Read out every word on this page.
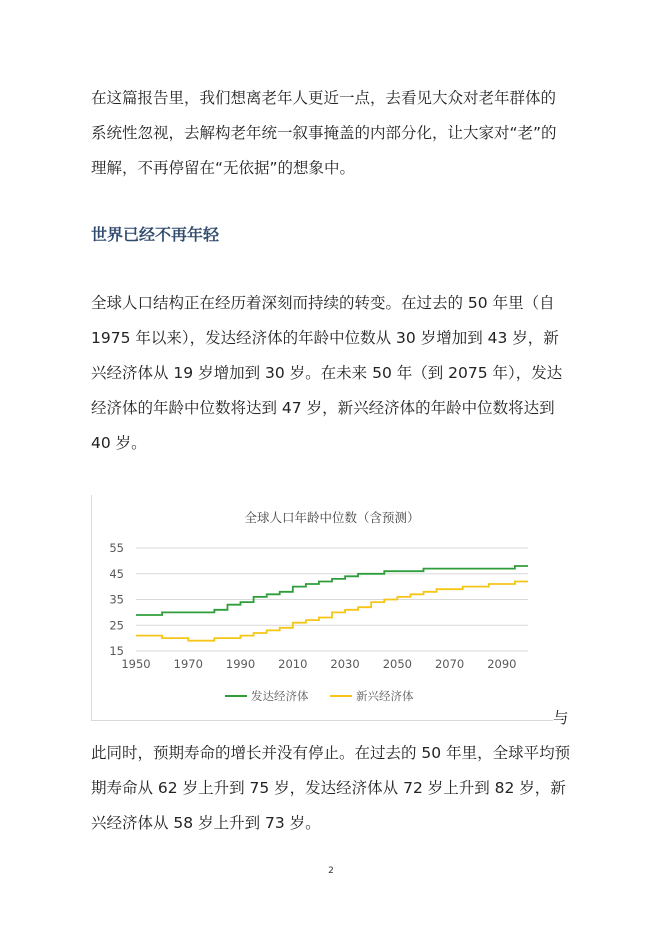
在这篇报告里，我们想离老年人更近一点，去看见大众对老年群体的系统性忽视，去解构老年统一叙事掩盖的内部分化，让大家对“老”的理解，不再停留在“无依据”的想象中。

世界已经不再年轻

全球人口结构正在经历着深刻而持续的转变。在过去的 50 年里（自 1975 年以来），发达经济体的年龄中位数从 30 岁增加到 43 岁，新兴经济体从 19 岁增加到 30 岁。在未来 50 年（到 2075 年），发达经济体的年龄中位数将达到 47 岁，新兴经济体的年龄中位数将达到 40 岁。

全球人口年龄中位数（含预测）
15
25
35
45
55
1950 1970 1990 2010 2030 2050 2070 2090
发达经济体	新兴经济体
与

此同时，预期寿命的增长并没有停止。在过去的 50 年里，全球平均预期寿命从 62 岁上升到 75 岁，发达经济体从 72 岁上升到 82 岁，新兴经济体从 58 岁上升到 73 岁。

2
